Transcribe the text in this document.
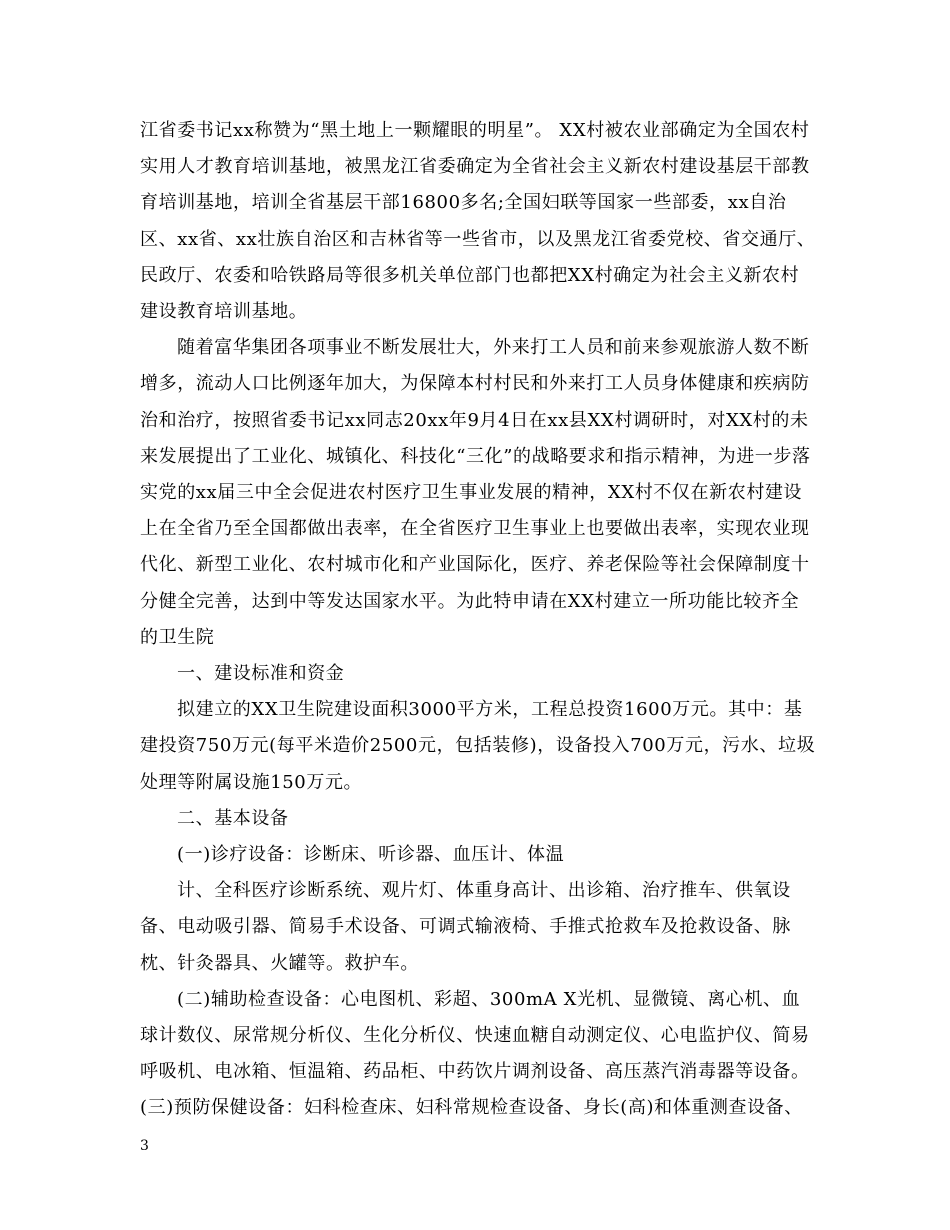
江省委书记xx称赞为“黑土地上一颗耀眼的明星”。 XX村被农业部确定为全国农村实用人才教育培训基地，被黑龙江省委确定为全省社会主义新农村建设基层干部教育培训基地，培训全省基层干部16800多名;全国妇联等国家一些部委，xx自治区、xx省、xx壮族自治区和吉林省等一些省市，以及黑龙江省委党校、省交通厅、民政厅、农委和哈铁路局等很多机关单位部门也都把XX村确定为社会主义新农村建设教育培训基地。

随着富华集团各项事业不断发展壮大，外来打工人员和前来参观旅游人数不断增多，流动人口比例逐年加大，为保障本村村民和外来打工人员身体健康和疾病防治和治疗，按照省委书记xx同志20xx年9月4日在xx县XX村调研时，对XX村的未来发展提出了工业化、城镇化、科技化“三化”的战略要求和指示精神，为进一步落实党的xx届三中全会促进农村医疗卫生事业发展的精神，XX村不仅在新农村建设上在全省乃至全国都做出表率，在全省医疗卫生事业上也要做出表率，实现农业现代化、新型工业化、农村城市化和产业国际化，医疗、养老保险等社会保障制度十分健全完善，达到中等发达国家水平。为此特申请在XX村建立一所功能比较齐全的卫生院

一、建设标准和资金

拟建立的XX卫生院建设面积3000平方米，工程总投资1600万元。其中：基建投资750万元(每平米造价2500元，包括装修)，设备投入700万元，污水、垃圾处理等附属设施150万元。

二、基本设备

(一)诊疗设备：诊断床、听诊器、血压计、体温

计、全科医疗诊断系统、观片灯、体重身高计、出诊箱、治疗推车、供氧设备、电动吸引器、简易手术设备、可调式输液椅、手推式抢救车及抢救设备、脉枕、针灸器具、火罐等。救护车。

(二)辅助检查设备：心电图机、彩超、300mA X光机、显微镜、离心机、血球计数仪、尿常规分析仪、生化分析仪、快速血糖自动测定仪、心电监护仪、简易呼吸机、电冰箱、恒温箱、药品柜、中药饮片调剂设备、高压蒸汽消毒器等设备。

(三)预防保健设备：妇科检查床、妇科常规检查设备、身长(高)和体重测查设备、

3
